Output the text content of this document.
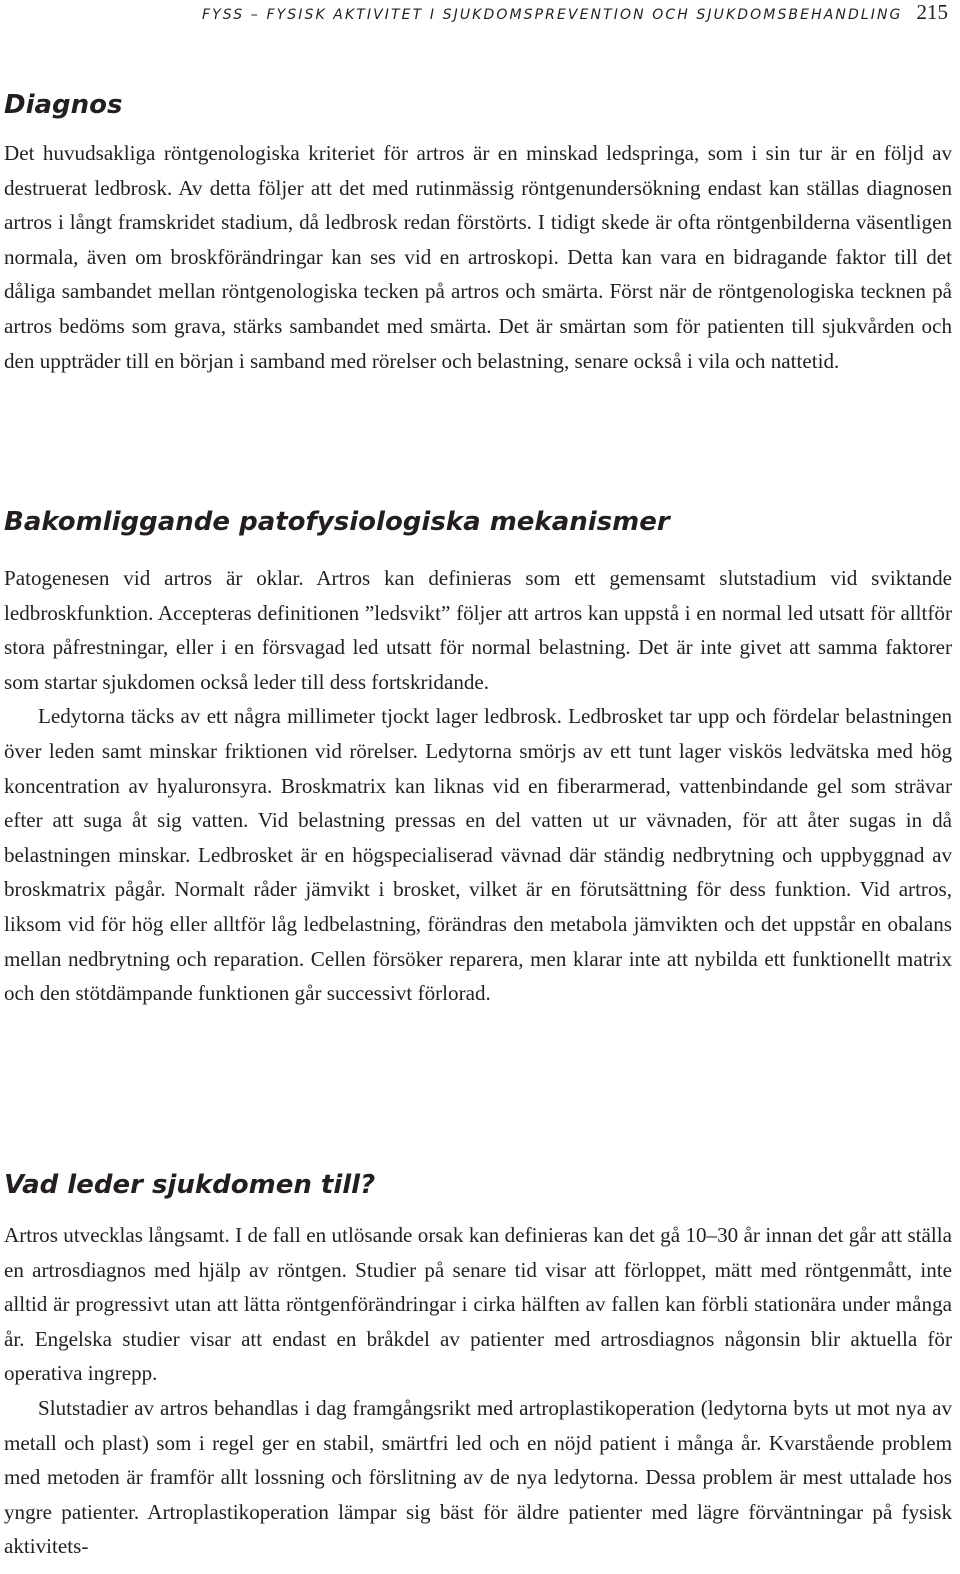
FYSS – FYSISK AKTIVITET I SJUKDOMSPREVENTION OCH SJUKDOMSBEHANDLING 215
Diagnos

Det huvudsakliga röntgenologiska kriteriet för artros är en minskad ledspringa, som i sin tur är en följd av destruerat ledbrosk. Av detta följer att det med rutinmässig röntgenundersökning endast kan ställas diagnosen artros i långt framskridet stadium, då ledbrosk redan förstörts. I tidigt skede är ofta röntgenbilderna väsentligen normala, även om broskförändringar kan ses vid en artroskopi. Detta kan vara en bidragande faktor till det dåliga sambandet mellan röntgenologiska tecken på artros och smärta. Först när de röntgenologiska tecknen på artros bedöms som grava, stärks sambandet med smärta. Det är smärtan som för patienten till sjukvården och den uppträder till en början i samband med rörelser och belastning, senare också i vila och nattetid.

Bakomliggande patofysiologiska mekanismer

Patogenesen vid artros är oklar. Artros kan definieras som ett gemensamt slutstadium vid sviktande ledbroskfunktion. Accepteras definitionen ”ledsvikt” följer att artros kan uppstå i en normal led utsatt för alltför stora påfrestningar, eller i en försvagad led utsatt för normal belastning. Det är inte givet att samma faktorer som startar sjukdomen också leder till dess fortskridande.

Ledytorna täcks av ett några millimeter tjockt lager ledbrosk. Ledbrosket tar upp och fördelar belastningen över leden samt minskar friktionen vid rörelser. Ledytorna smörjs av ett tunt lager viskös ledvätska med hög koncentration av hyaluronsyra. Broskmatrix kan liknas vid en fiberarmerad, vattenbindande gel som strävar efter att suga åt sig vatten. Vid belastning pressas en del vatten ut ur vävnaden, för att åter sugas in då belastningen minskar. Ledbrosket är en högspecialiserad vävnad där ständig nedbrytning och uppbyggnad av broskmatrix pågår. Normalt råder jämvikt i brosket, vilket är en förutsättning för dess funktion. Vid artros, liksom vid för hög eller alltför låg ledbelastning, förändras den metabola jämvikten och det uppstår en obalans mellan nedbrytning och reparation. Cellen försöker reparera, men klarar inte att nybilda ett funktionellt matrix och den stötdämpande funktionen går successivt förlorad.

Vad leder sjukdomen till?

Artros utvecklas långsamt. I de fall en utlösande orsak kan definieras kan det gå 10–30 år innan det går att ställa en artrosdiagnos med hjälp av röntgen. Studier på senare tid visar att förloppet, mätt med röntgenmått, inte alltid är progressivt utan att lätta röntgenförändringar i cirka hälften av fallen kan förbli stationära under många år. Engelska studier visar att endast en bråkdel av patienter med artrosdiagnos någonsin blir aktuella för operativa ingrepp.

Slutstadier av artros behandlas i dag framgångsrikt med artroplastikoperation (ledytorna byts ut mot nya av metall och plast) som i regel ger en stabil, smärtfri led och en nöjd patient i många år. Kvarstående problem med metoden är framför allt lossning och förslitning av de nya ledytorna. Dessa problem är mest uttalade hos yngre patienter. Artroplastikoperation lämpar sig bäst för äldre patienter med lägre förväntningar på fysisk aktivitets-
